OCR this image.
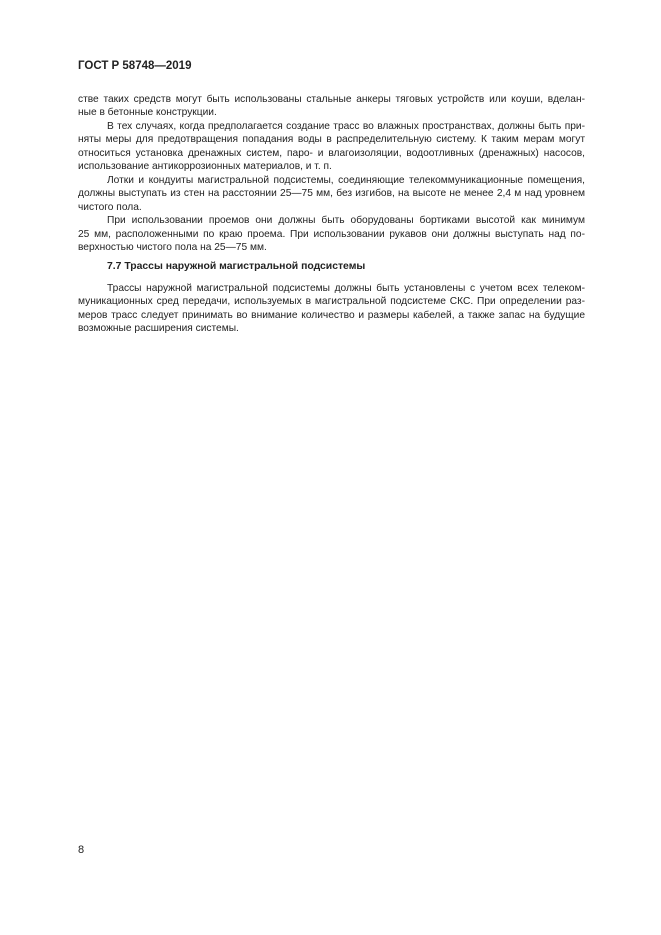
ГОСТ Р 58748—2019
стве таких средств могут быть использованы стальные анкеры тяговых устройств или коуши, вделан-
ные в бетонные конструкции.
В тех случаях, когда предполагается создание трасс во влажных пространствах, должны быть при-
няты меры для предотвращения попадания воды в распределительную систему. К таким мерам могут
относиться установка дренажных систем, паро- и влагоизоляции, водоотливных (дренажных) насосов,
использование антикоррозионных материалов, и т. п.
Лотки и кондуиты магистральной подсистемы, соединяющие телекоммуникационные помещения,
должны выступать из стен на расстоянии 25—75 мм, без изгибов, на высоте не менее 2,4 м над уровнем
чистого пола.
При использовании проемов они должны быть оборудованы бортиками высотой как минимум
25 мм, расположенными по краю проема. При использовании рукавов они должны выступать над по-
верхностью чистого пола на 25—75 мм.
7.7 Трассы наружной магистральной подсистемы
Трассы наружной магистральной подсистемы должны быть установлены с учетом всех телеком-
муникационных сред передачи, используемых в магистральной подсистеме СКС. При определении раз-
меров трасс следует принимать во внимание количество и размеры кабелей, а также запас на будущие
возможные расширения системы.
8
